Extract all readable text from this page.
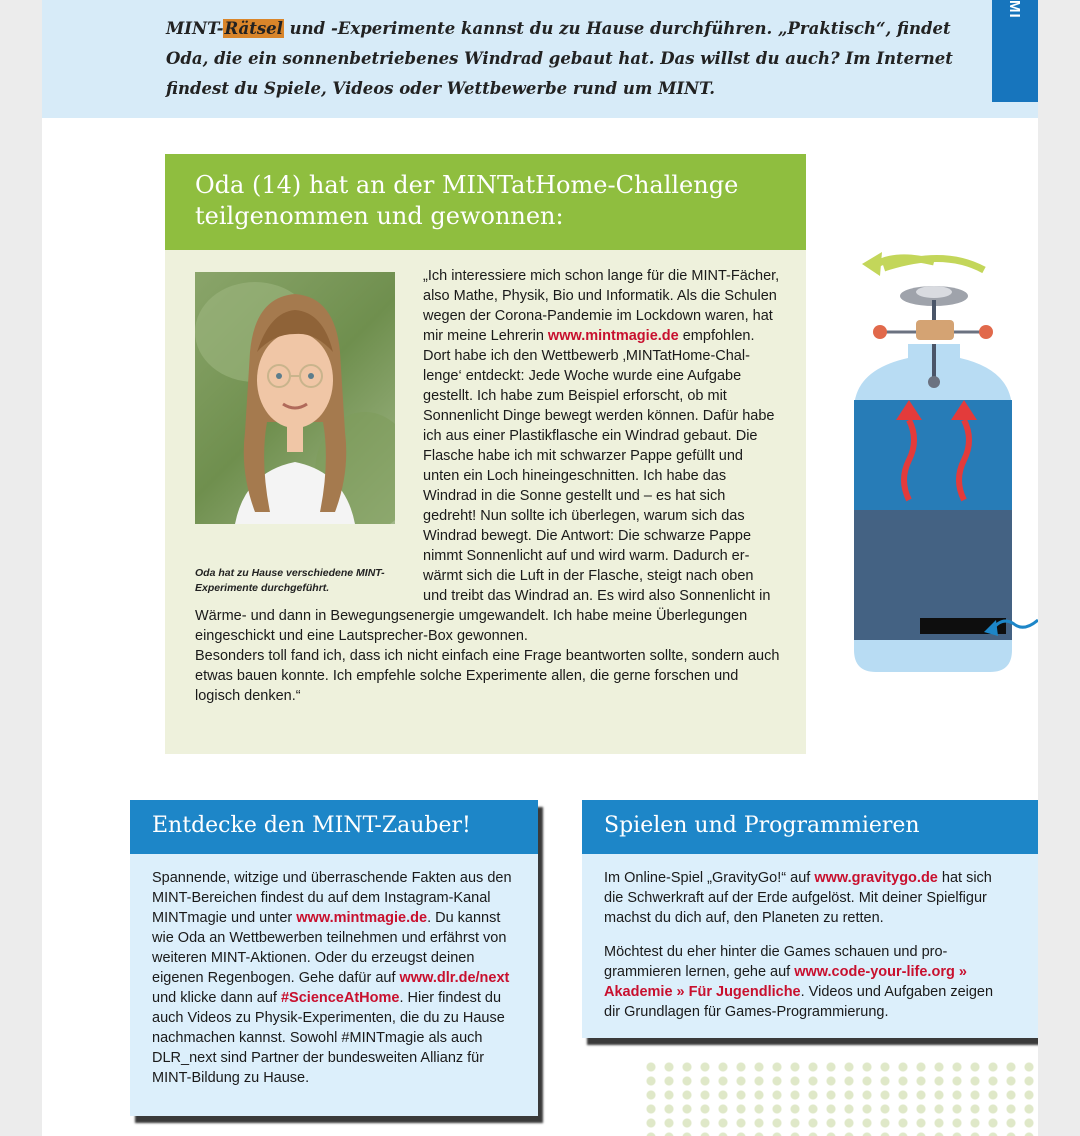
MINT-Rätsel und -Experimente kannst du zu Hause durchführen. „Praktisch“, findet Oda, die ein sonnenbetriebenes Windrad gebaut hat. Das willst du auch? Im Internet findest du Spiele, Videos oder Wettbewerbe rund um MINT.

MI
Oda (14) hat an der MINTatHome-Challenge teilgenommen und gewonnen:

Oda hat zu Hause verschiedene MINT-Experimente durchgeführt.

„Ich interessiere mich schon lange für die MINT-Fächer, also Mathe, Physik, Bio und Informatik. Als die Schulen wegen der Corona-Pandemie im Lockdown waren, hat mir meine Lehrerin www.mintmagie.de empfohlen.
Dort habe ich den Wettbewerb ‚MINTatHome-Challenge‘ entdeckt: Jede Woche wurde eine Aufgabe gestellt. Ich habe zum Beispiel erforscht, ob mit Sonnenlicht Dinge bewegt werden können. Dafür habe ich aus einer Plastikflasche ein Windrad gebaut. Die Flasche habe ich mit schwarzer Pappe gefüllt und unten ein Loch hineingeschnitten. Ich habe das Windrad in die Sonne gestellt und – es hat sich gedreht! Nun sollte ich überlegen, warum sich das Windrad bewegt. Die Antwort: Die schwarze Pappe nimmt Sonnenlicht auf und wird warm. Dadurch erwärmt sich die Luft in der Flasche, steigt nach oben und treibt das Windrad an. Es wird also Sonnenlicht in Wärme- und dann in Bewegungsenergie umgewandelt. Ich habe meine Überlegungen eingeschickt und eine Lautsprecher-Box gewonnen.
Besonders toll fand ich, dass ich nicht einfach eine Frage beantworten sollte, sondern auch etwas bauen konnte. Ich empfehle solche Experimente allen, die gerne forschen und logisch denken.“
Entdecke den MINT-Zauber!

Spannende, witzige und überraschende Fakten aus den MINT-Bereichen findest du auf dem Instagram-Kanal MINTmagie und unter www.mintmagie.de. Du kannst wie Oda an Wettbewerben teilnehmen und erfährst von weiteren MINT-Aktionen. Oder du erzeugst deinen eigenen Regenbogen. Gehe dafür auf www.dlr.de/next und klicke dann auf #ScienceAtHome. Hier findest du auch Videos zu Physik-Experimenten, die du zu Hause nachmachen kannst. Sowohl #MINTmagie als auch DLR_next sind Partner der bundesweiten Allianz für MINT-Bildung zu Hause.

Spielen und Programmieren

Im Online-Spiel „GravityGo!“ auf www.gravitygo.de hat sich die Schwerkraft auf der Erde aufgelöst. Mit deiner Spielfigur machst du dich auf, den Planeten zu retten.

Möchtest du eher hinter die Games schauen und programmieren lernen, gehe auf www.code-your-life.org » Akademie » Für Jugendliche. Videos und Aufgaben zeigen dir Grundlagen für Games-Programmierung.
